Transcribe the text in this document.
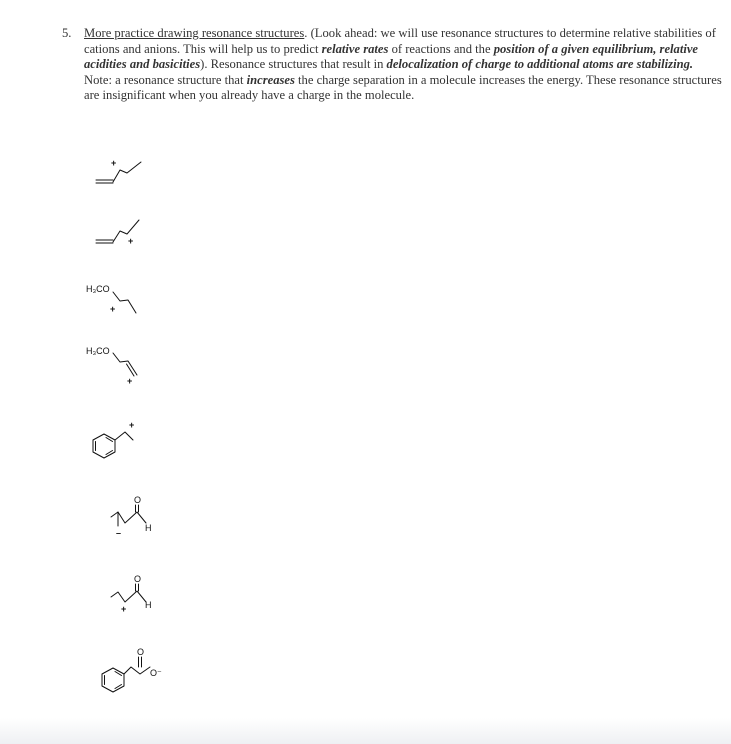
5. More practice drawing resonance structures. (Look ahead: we will use resonance structures to determine relative stabilities of cations and anions. This will help us to predict relative rates of reactions and the position of a given equilibrium, relative acidities and basicities). Resonance structures that result in delocalization of charge to additional atoms are stabilizing. Note: a resonance structure that increases the charge separation in a molecule increases the energy. These resonance structures are insignificant when you already have a charge in the molecule.
+
+
H₃CO
+
H₃CO
+
+
O
H
–
O
H
+
O
O⁻
